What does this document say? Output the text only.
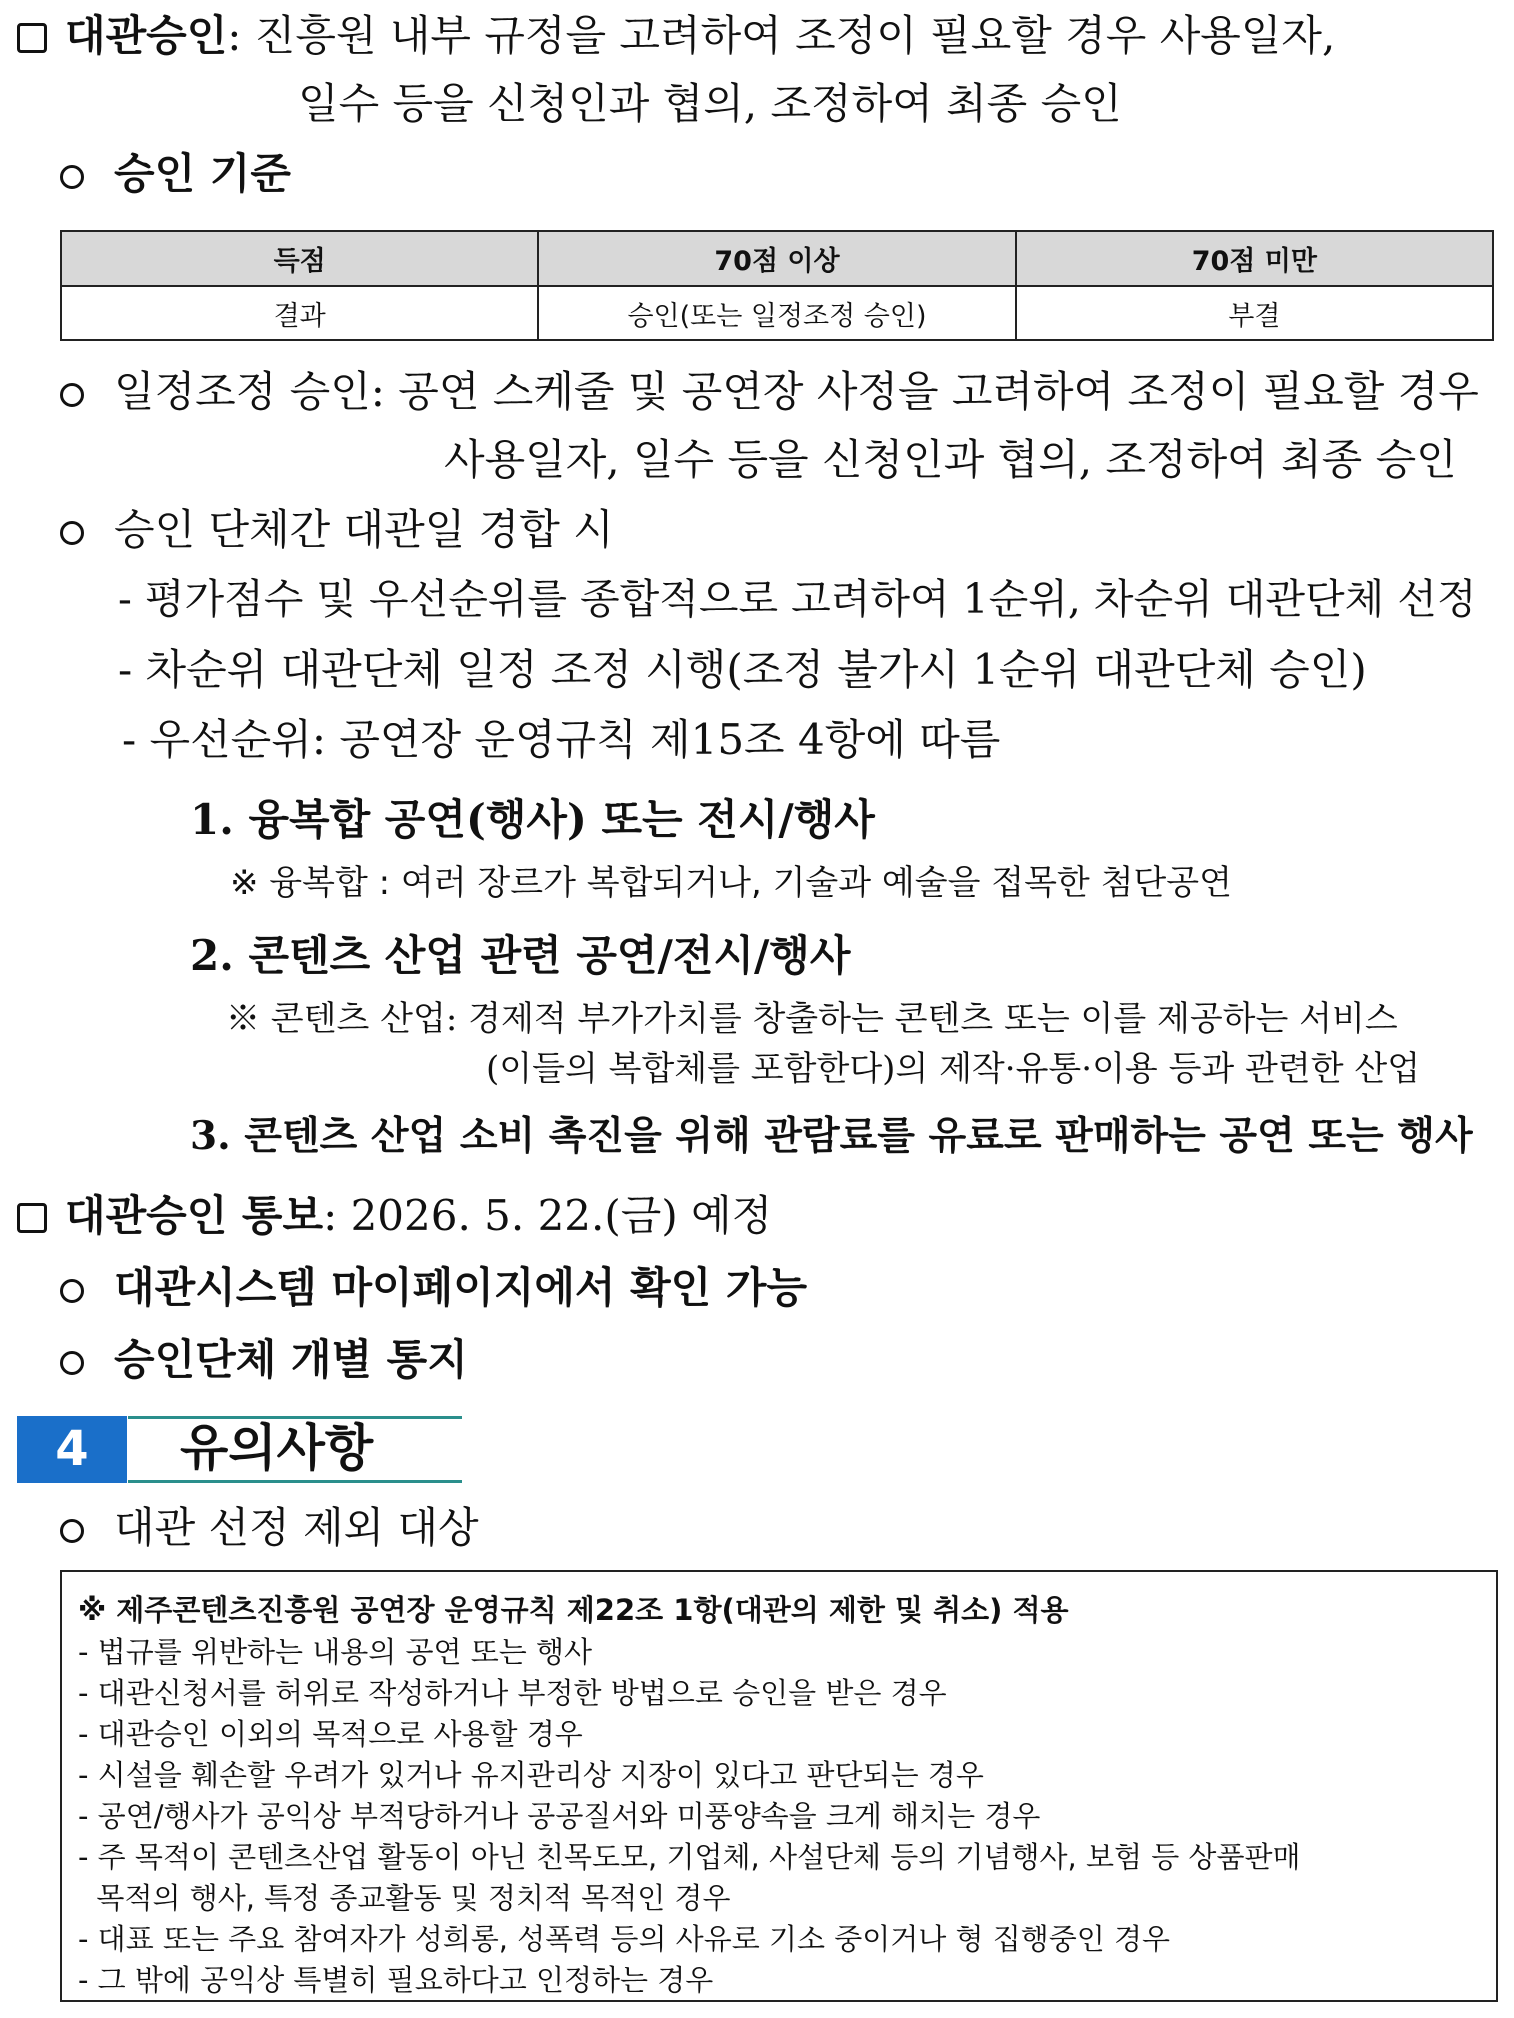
대관승인: 진흥원 내부 규정을 고려하여 조정이 필요할 경우 사용일자,
일수 등을 신청인과 협의, 조정하여 최종 승인
승인 기준
득점	70점 이상	70점 미만
결과	승인(또는 일정조정 승인)	부결
일정조정 승인: 공연 스케줄 및 공연장 사정을 고려하여 조정이 필요할 경우
사용일자, 일수 등을 신청인과 협의, 조정하여 최종 승인
승인 단체간 대관일 경합 시
- 평가점수 및 우선순위를 종합적으로 고려하여 1순위, 차순위 대관단체 선정
- 차순위 대관단체 일정 조정 시행(조정 불가시 1순위 대관단체 승인)
- 우선순위: 공연장 운영규칙 제15조 4항에 따름
1. 융복합 공연(행사) 또는 전시/행사
※ 융복합 : 여러 장르가 복합되거나, 기술과 예술을 접목한 첨단공연
2. 콘텐츠 산업 관련 공연/전시/행사
※ 콘텐츠 산업: 경제적 부가가치를 창출하는 콘텐츠 또는 이를 제공하는 서비스
(이들의 복합체를 포함한다)의 제작·유통·이용 등과 관련한 산업
3. 콘텐츠 산업 소비 촉진을 위해 관람료를 유료로 판매하는 공연 또는 행사
대관승인 통보: 2026. 5. 22.(금) 예정
대관시스템 마이페이지에서 확인 가능
승인단체 개별 통지
4	유의사항
대관 선정 제외 대상
※ 제주콘텐츠진흥원 공연장 운영규칙 제22조 1항(대관의 제한 및 취소) 적용
- 법규를 위반하는 내용의 공연 또는 행사
- 대관신청서를 허위로 작성하거나 부정한 방법으로 승인을 받은 경우
- 대관승인 이외의 목적으로 사용할 경우
- 시설을 훼손할 우려가 있거나 유지관리상 지장이 있다고 판단되는 경우
- 공연/행사가 공익상 부적당하거나 공공질서와 미풍양속을 크게 해치는 경우
- 주 목적이 콘텐츠산업 활동이 아닌 친목도모, 기업체, 사설단체 등의 기념행사, 보험 등 상품판매
목적의 행사, 특정 종교활동 및 정치적 목적인 경우
- 대표 또는 주요 참여자가 성희롱, 성폭력 등의 사유로 기소 중이거나 형 집행중인 경우
- 그 밖에 공익상 특별히 필요하다고 인정하는 경우
